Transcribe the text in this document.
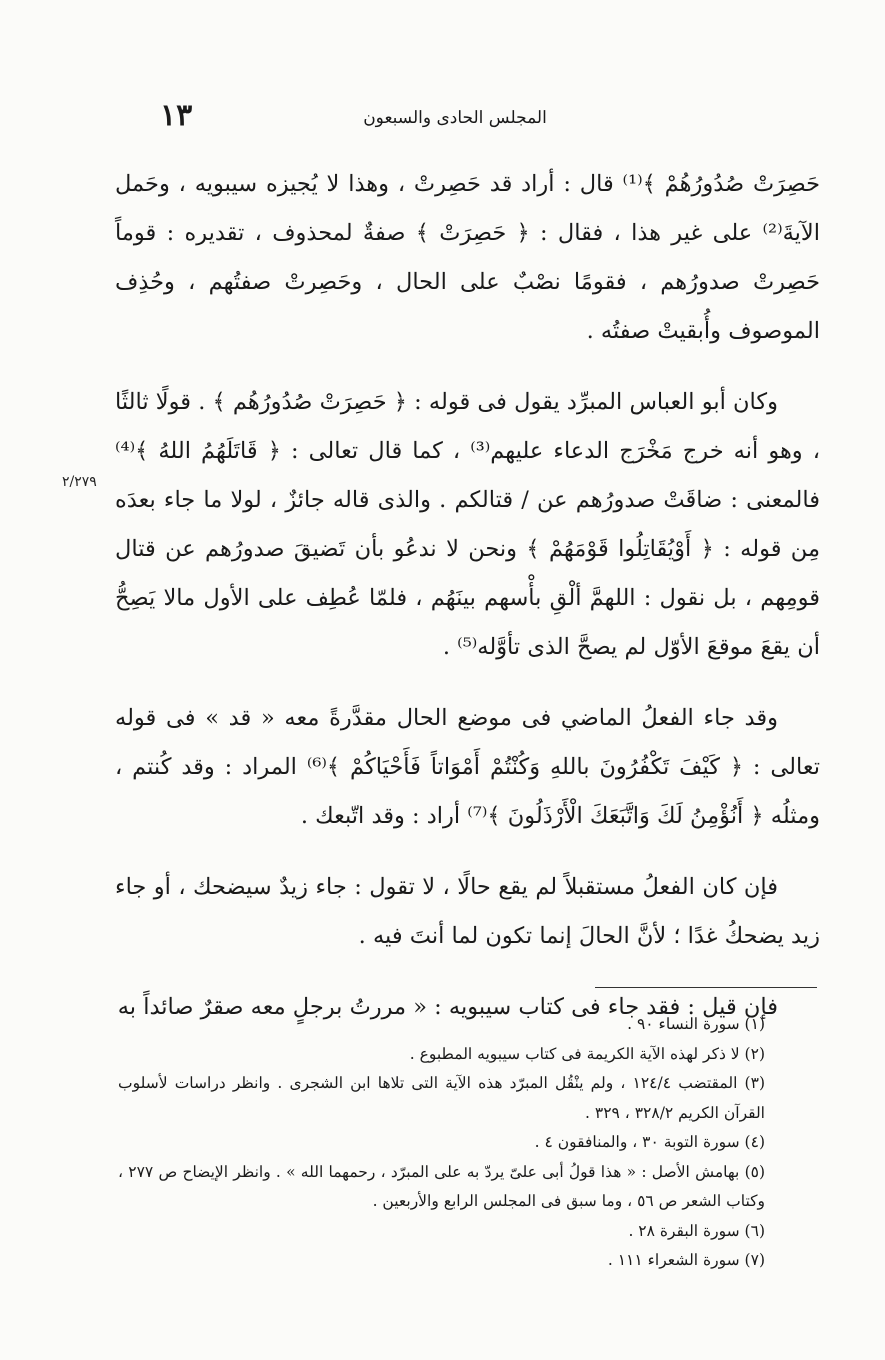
١٣	المجلس الحادى والسبعون

حَصِرَتْ صُدُورُهُمْ ﴾⁽¹⁾ قال : أراد قد حَصِرتْ ، وهذا لا يُجيزه سيبويه ، وحَمل الآيةَ⁽²⁾ على غير هذا ، فقال : ﴿ حَصِرَتْ ﴾ صفةٌ لمحذوف ، تقديره : قوماً حَصِرتْ صدورُهم ، فقومًا نصْبٌ على الحال ، وحَصِرتْ صفتُهم ، وحُذِف الموصوف وأُبقيتْ صفتُه .

وكان أبو العباس المبرِّد يقول فى قوله : ﴿ حَصِرَتْ صُدُورُهُم ﴾ . قولًا ثالثًا ، وهو أنه خرج مَخْرَج الدعاء عليهم⁽³⁾ ، كما قال تعالى : ﴿ قَاتَلَهُمُ اللهُ ﴾⁽⁴⁾ فالمعنى : ضاقَتْ صدورُهم عن / قتالكم . والذى قاله جائزٌ ، لولا ما جاء بعدَه مِن قوله : ﴿ أَوْيُقَاتِلُوا قَوْمَهُمْ ﴾ ونحن لا ندعُو بأن تَضيقَ صدورُهم عن قتال قومِهم ، بل نقول : اللهمَّ ألْقِ بأْسهم بينَهُم ، فلمّا عُطِف على الأول مالا يَصِحُّ أن يقعَ موقعَ الأوّل لم يصحَّ الذى تأوَّله⁽⁵⁾ .

وقد جاء الفعلُ الماضي فى موضع الحال مقدَّرةً معه « قد » فى قوله تعالى : ﴿ كَيْفَ تَكْفُرُونَ باللهِ وَكُنْتُمْ أَمْوَاتاً فَأَحْيَاكُمْ ﴾⁽⁶⁾ المراد : وقد كُنتم ، ومثلُه ﴿ أَنُؤْمِنُ لَكَ وَاتَّبَعَكَ الْأَرْذَلُونَ ﴾⁽⁷⁾ أراد : وقد اتّبعك .

فإن كان الفعلُ مستقبلاً لم يقع حالًا ، لا تقول : جاء زيدٌ سيضحك ، أو جاء زيد يضحكُ غدًا ؛ لأنَّ الحالَ إنما تكون لما أنتَ فيه .

فإن قيل : فقد جاء فى كتاب سيبويه : « مررتُ برجلٍ معه صقرٌ صائداً به

٢/٢٧٩

(١) سورة النساء ٩٠ .

(٢) لا ذكر لهذه الآية الكريمة فى كتاب سيبويه المطبوع .

(٣) المقتضب ١٢٤/٤ ، ولم ينْقُل المبرّد هذه الآية التى تلاها ابن الشجرى . وانظر دراسات لأسلوب القرآن الكريم ٣٢٨/٢ ، ٣٢٩ .

(٤) سورة التوبة ٣٠ ، والمنافقون ٤ .

(٥) بهامش الأصل : « هذا قولُ أبى علىّ يردّ به على المبرّد ، رحمهما الله » . وانظر الإيضاح ص ٢٧٧ ، وكتاب الشعر ص ٥٦ ، وما سبق فى المجلس الرابع والأربعين .

(٦) سورة البقرة ٢٨ .

(٧) سورة الشعراء ١١١ .
